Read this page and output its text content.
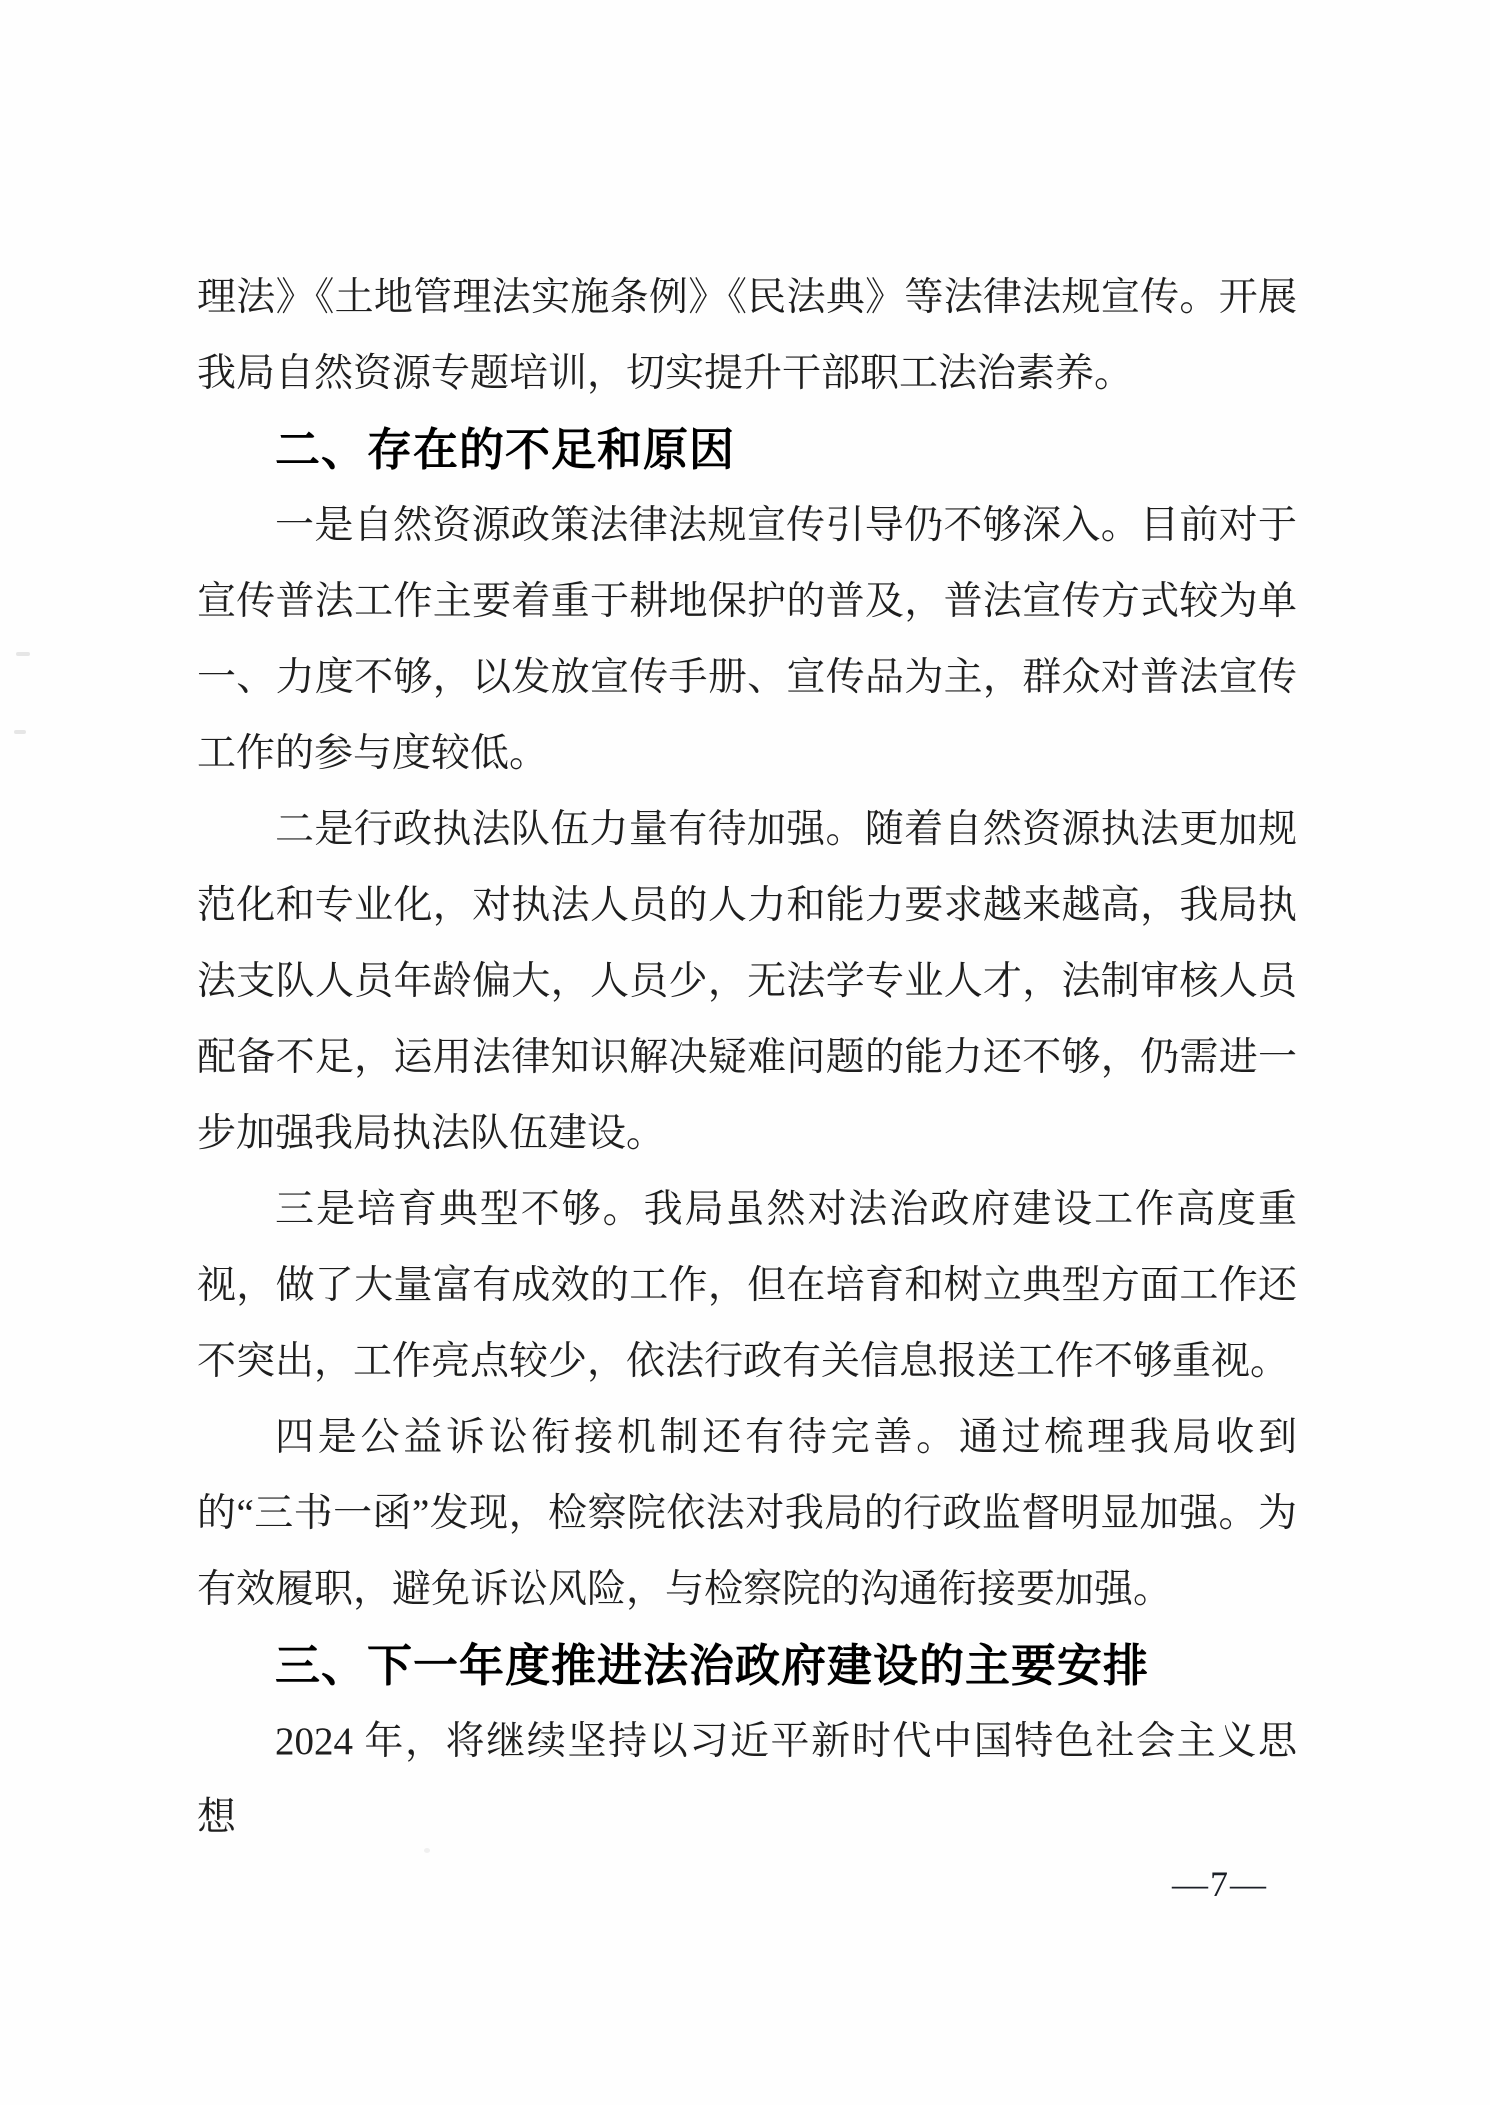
理法》《土地管理法实施条例》《民法典》等法律法规宣传。开展我局自然资源专题培训，切实提升干部职工法治素养。

二、存在的不足和原因

一是自然资源政策法律法规宣传引导仍不够深入。目前对于宣传普法工作主要着重于耕地保护的普及，普法宣传方式较为单一、力度不够，以发放宣传手册、宣传品为主，群众对普法宣传工作的参与度较低。

二是行政执法队伍力量有待加强。随着自然资源执法更加规范化和专业化，对执法人员的人力和能力要求越来越高，我局执法支队人员年龄偏大，人员少，无法学专业人才，法制审核人员配备不足，运用法律知识解决疑难问题的能力还不够，仍需进一步加强我局执法队伍建设。

三是培育典型不够。我局虽然对法治政府建设工作高度重视，做了大量富有成效的工作，但在培育和树立典型方面工作还不突出，工作亮点较少，依法行政有关信息报送工作不够重视。

四是公益诉讼衔接机制还有待完善。通过梳理我局收到的“三书一函”发现，检察院依法对我局的行政监督明显加强。为有效履职，避免诉讼风险，与检察院的沟通衔接要加强。

三、下一年度推进法治政府建设的主要安排

2024 年，将继续坚持以习近平新时代中国特色社会主义思想

—7—
